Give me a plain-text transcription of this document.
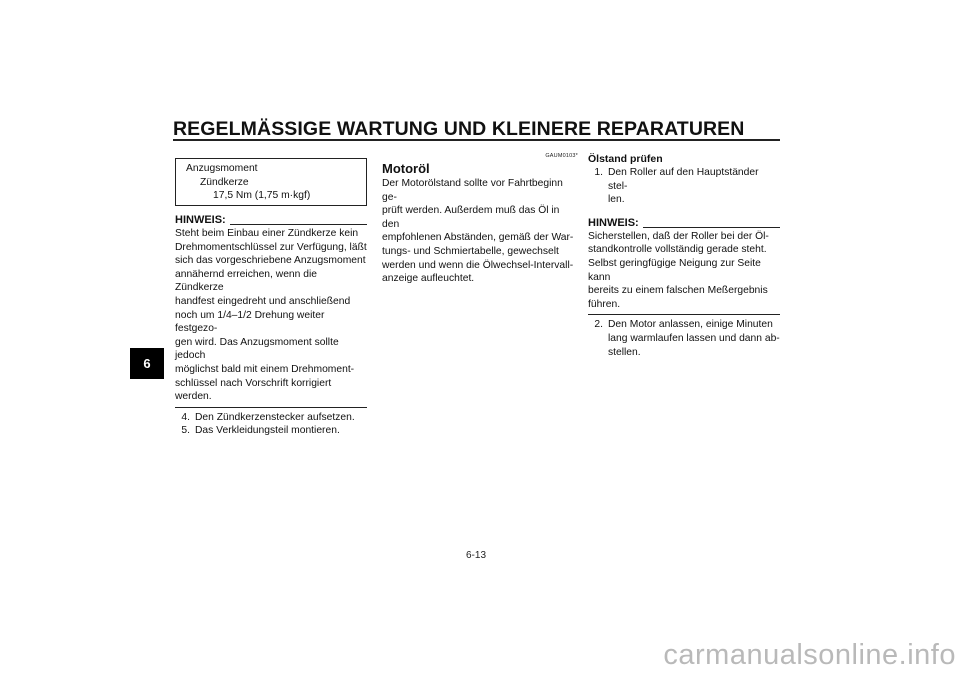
REGELMÄSSIGE WARTUNG UND KLEINERE REPARATUREN
6
Anzugsmoment
Zündkerze
17,5 Nm (1,75 m·kgf)
HINWEIS:
Steht beim Einbau einer Zündkerze kein
Drehmomentschlüssel zur Verfügung, läßt
sich das vorgeschriebene Anzugsmoment
annähernd erreichen, wenn die Zündkerze
handfest eingedreht und anschließend
noch um 1/4–1/2 Drehung weiter festgezo-
gen wird. Das Anzugsmoment sollte jedoch
möglichst bald mit einem Drehmoment-
schlüssel nach Vorschrift korrigiert werden.
4. Den Zündkerzenstecker aufsetzen.
5. Das Verkleidungsteil montieren.
GAUM0103*
Motoröl
Der Motorölstand sollte vor Fahrtbeginn ge-
prüft werden. Außerdem muß das Öl in den
empfohlenen Abständen, gemäß der War-
tungs- und Schmiertabelle, gewechselt
werden und wenn die Ölwechsel-Intervall-
anzeige aufleuchtet.
Ölstand prüfen
1. Den Roller auf den Hauptständer stel-
len.
HINWEIS:
Sicherstellen, daß der Roller bei der Öl-
standkontrolle vollständig gerade steht.
Selbst geringfügige Neigung zur Seite kann
bereits zu einem falschen Meßergebnis
führen.
2. Den Motor anlassen, einige Minuten
lang warmlaufen lassen und dann ab-
stellen.
6-13
carmanualsonline.info
